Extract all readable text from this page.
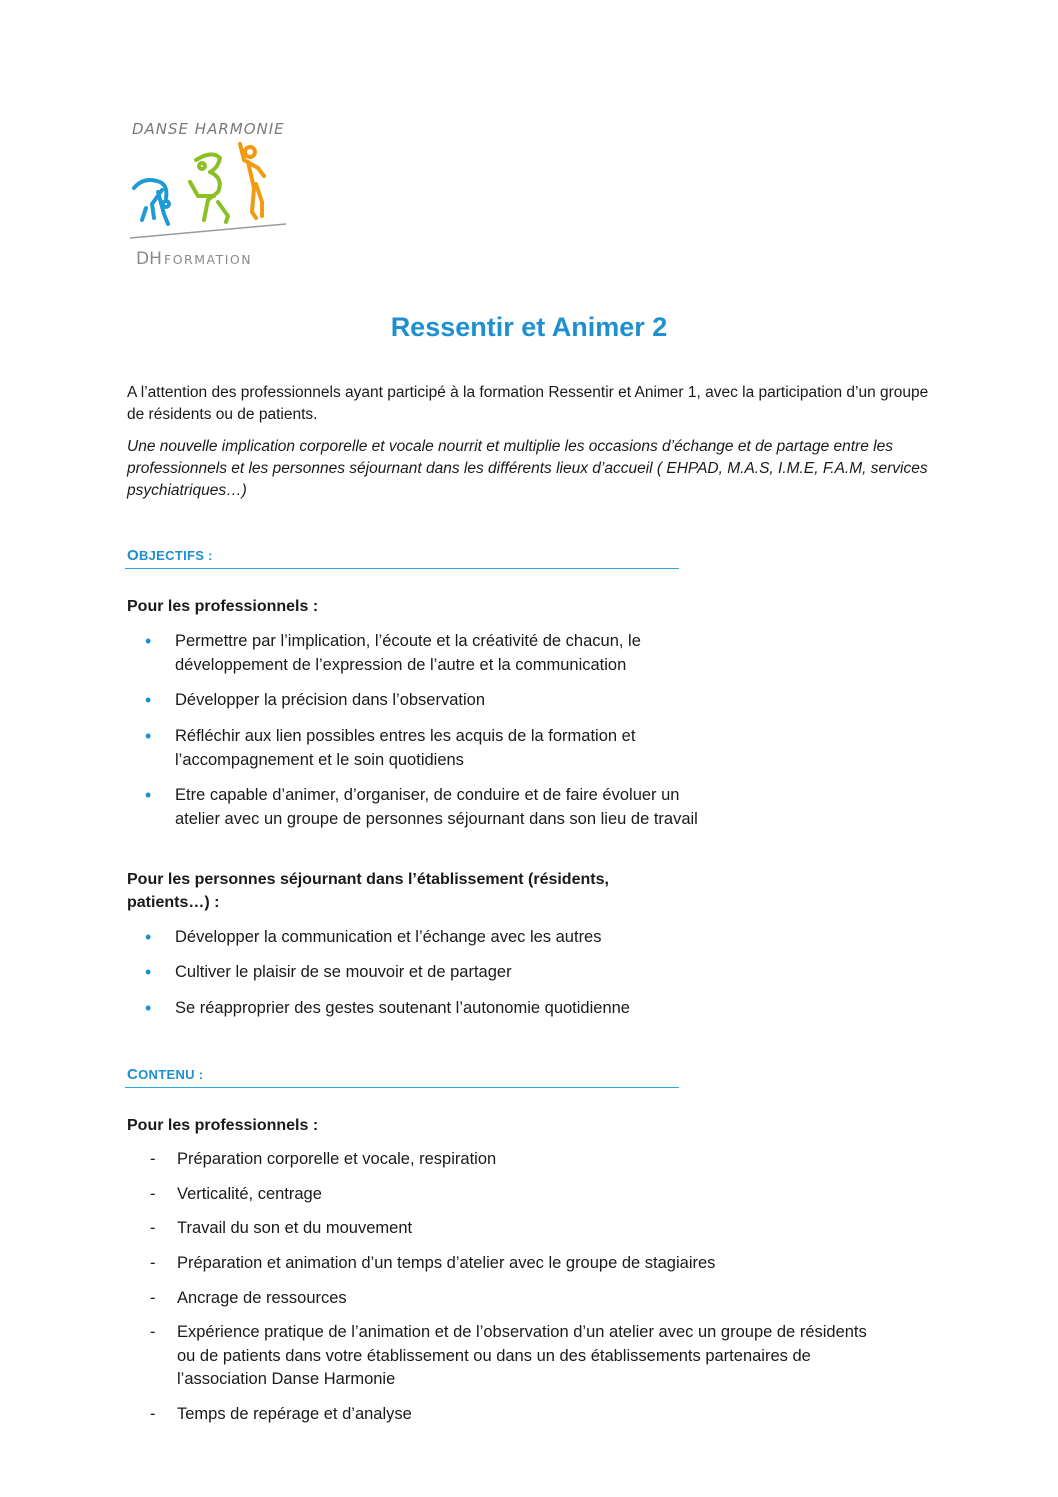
DANSE HARMONIE
DH FORMATION
Ressentir et Animer 2
A l’attention des professionnels ayant participé à la formation Ressentir et Animer 1, avec la participation d’un groupe de résidents ou de patients.
Une nouvelle implication corporelle et vocale nourrit et multiplie les occasions d’échange et de partage entre les professionnels et les personnes séjournant dans les différents lieux d’accueil ( EHPAD, M.A.S, I.M.E, F.A.M, services psychiatriques…)
OBJECTIFS :
Pour les professionnels :
• Permettre par l’implication, l’écoute et la créativité de chacun, le développement de l’expression de l’autre et la communication
• Développer la précision dans l’observation
• Réfléchir aux lien possibles entres les acquis de la formation et l’accompagnement et le soin quotidiens
• Etre capable d’animer, d’organiser, de conduire et de faire évoluer un atelier avec un groupe de personnes séjournant dans son lieu de travail
Pour les personnes séjournant dans l’établissement (résidents, patients…) :
• Développer la communication et l’échange avec les autres
• Cultiver le plaisir de se mouvoir et de partager
• Se réapproprier des gestes soutenant l’autonomie quotidienne
CONTENU :
Pour les professionnels :
- Préparation corporelle et vocale, respiration
- Verticalité, centrage
- Travail du son et du mouvement
- Préparation et animation d’un temps d’atelier avec le groupe de stagiaires
- Ancrage de ressources
- Expérience pratique de l’animation et de l’observation d’un atelier avec un groupe de résidents ou de patients dans votre établissement ou dans un des établissements partenaires de l’association Danse Harmonie
- Temps de repérage et d’analyse
